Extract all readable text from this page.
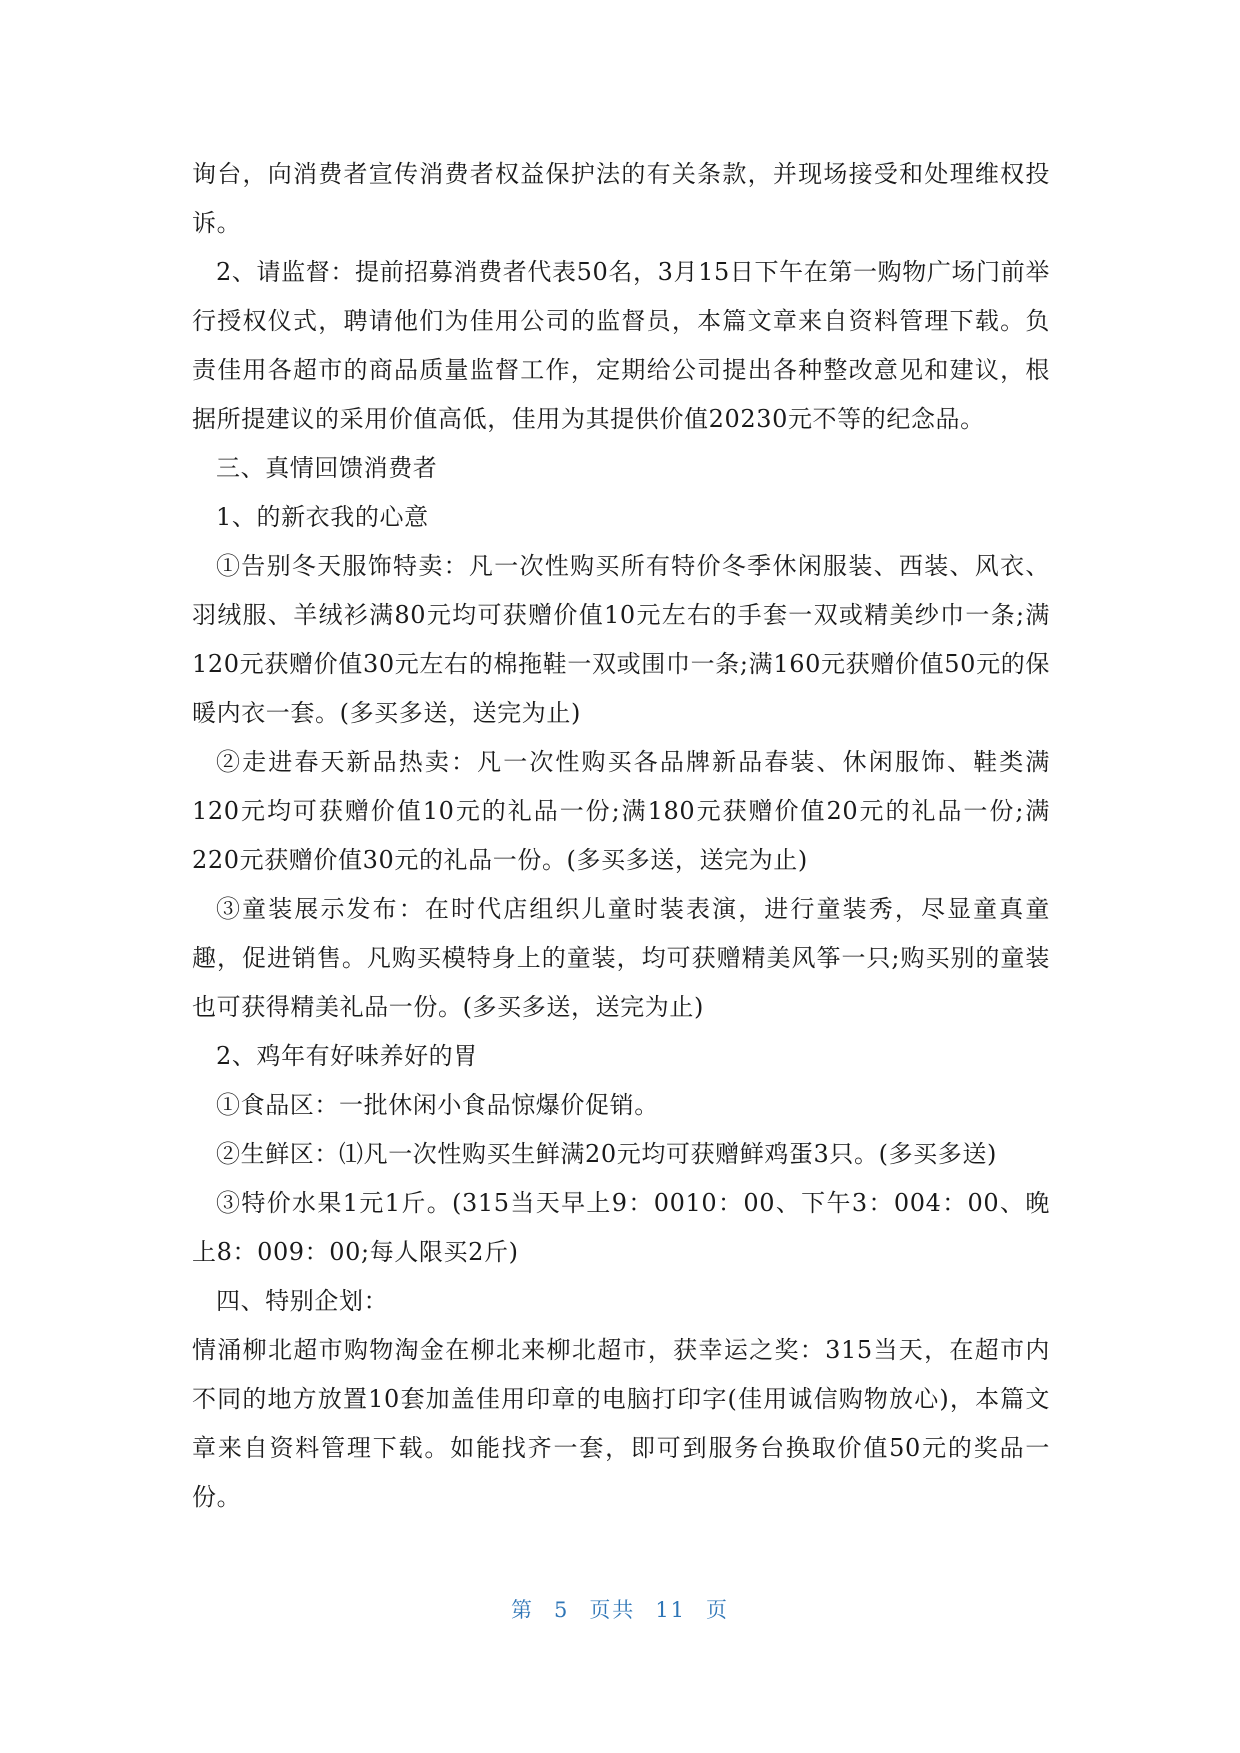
询台，向消费者宣传消费者权益保护法的有关条款，并现场接受和处理维权投诉。

2、请监督：提前招募消费者代表50名，3月15日下午在第一购物广场门前举行授权仪式，聘请他们为佳用公司的监督员，本篇文章来自资料管理下载。负责佳用各超市的商品质量监督工作，定期给公司提出各种整改意见和建议，根据所提建议的采用价值高低，佳用为其提供价值20230元不等的纪念品。

三、真情回馈消费者

1、的新衣我的心意

①告别冬天服饰特卖：凡一次性购买所有特价冬季休闲服装、西装、风衣、羽绒服、羊绒衫满80元均可获赠价值10元左右的手套一双或精美纱巾一条;满120元获赠价值30元左右的棉拖鞋一双或围巾一条;满160元获赠价值50元的保暖内衣一套。(多买多送，送完为止)

②走进春天新品热卖：凡一次性购买各品牌新品春装、休闲服饰、鞋类满120元均可获赠价值10元的礼品一份;满180元获赠价值20元的礼品一份;满220元获赠价值30元的礼品一份。(多买多送，送完为止)

③童装展示发布：在时代店组织儿童时装表演，进行童装秀，尽显童真童趣，促进销售。凡购买模特身上的童装，均可获赠精美风筝一只;购买别的童装也可获得精美礼品一份。(多买多送，送完为止)

2、鸡年有好味养好的胃

①食品区：一批休闲小食品惊爆价促销。

②生鲜区：⑴凡一次性购买生鲜满20元均可获赠鲜鸡蛋3只。(多买多送)

③特价水果1元1斤。(315当天早上9：0010：00、下午3：004：00、晚上8：009：00;每人限买2斤)

四、特别企划：

情涌柳北超市购物淘金在柳北来柳北超市，获幸运之奖：315当天，在超市内不同的地方放置10套加盖佳用印章的电脑打印字(佳用诚信购物放心)，本篇文章来自资料管理下载。如能找齐一套，即可到服务台换取价值50元的奖品一份。

第 5 页共 11 页
